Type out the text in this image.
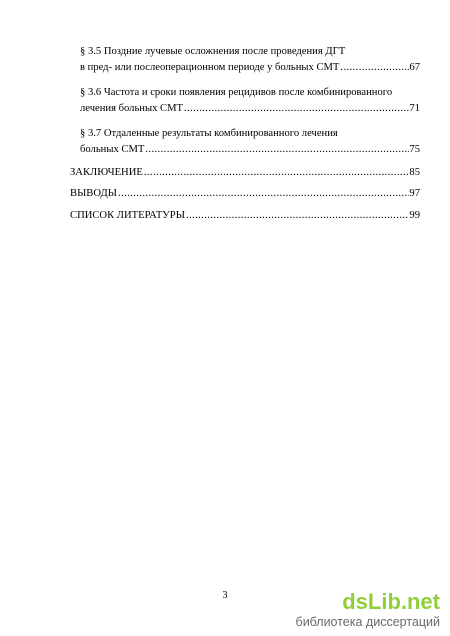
§ 3.5 Поздние лучевые осложнения после проведения ДГТ
в пред- или послеоперационном периоде у больных СМТ .....	67
§ 3.6 Частота и сроки появления рецидивов после комбинированного
лечения больных СМТ .....	71
§ 3.7 Отдаленные результаты комбинированного лечения
больных СМТ .....	75
ЗАКЛЮЧЕНИЕ .....	85
ВЫВОДЫ .....	97
СПИСОК ЛИТЕРАТУРЫ .....	99
3	dsLib.net
библиотека диссертаций
